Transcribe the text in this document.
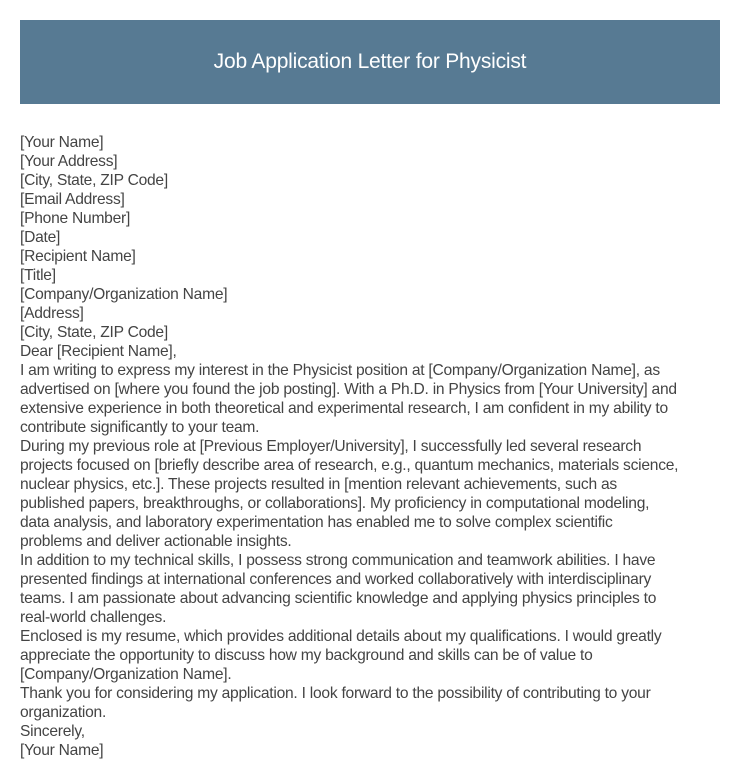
Job Application Letter for Physicist
[Your Name]
[Your Address]
[City, State, ZIP Code]
[Email Address]
[Phone Number]
[Date]
[Recipient Name]
[Title]
[Company/Organization Name]
[Address]
[City, State, ZIP Code]
Dear [Recipient Name],
I am writing to express my interest in the Physicist position at [Company/Organization Name], as
advertised on [where you found the job posting]. With a Ph.D. in Physics from [Your University] and
extensive experience in both theoretical and experimental research, I am confident in my ability to
contribute significantly to your team.
During my previous role at [Previous Employer/University], I successfully led several research
projects focused on [briefly describe area of research, e.g., quantum mechanics, materials science,
nuclear physics, etc.]. These projects resulted in [mention relevant achievements, such as
published papers, breakthroughs, or collaborations]. My proficiency in computational modeling,
data analysis, and laboratory experimentation has enabled me to solve complex scientific
problems and deliver actionable insights.
In addition to my technical skills, I possess strong communication and teamwork abilities. I have
presented findings at international conferences and worked collaboratively with interdisciplinary
teams. I am passionate about advancing scientific knowledge and applying physics principles to
real-world challenges.
Enclosed is my resume, which provides additional details about my qualifications. I would greatly
appreciate the opportunity to discuss how my background and skills can be of value to
[Company/Organization Name].
Thank you for considering my application. I look forward to the possibility of contributing to your
organization.
Sincerely,
[Your Name]
